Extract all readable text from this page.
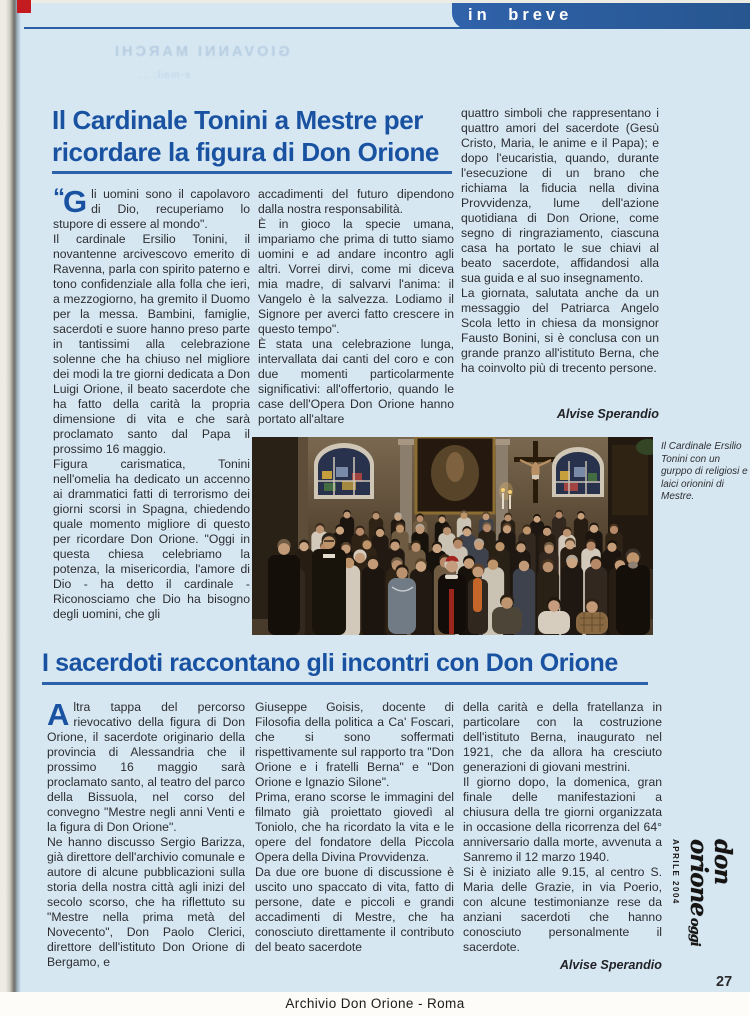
in breve
GIOVANNI MARCHI
e-mail: ...
Il Cardinale Tonini a Mestre per
ricordare la figura di Don Orione

“G li uomini sono il capolavoro di Dio, recuperiamo lo stupore di essere al mondo".

Il cardinale Ersilio Tonini, il novantenne arcivescovo emerito di Ravenna, parla con spirito paterno e tono confidenziale alla folla che ieri, a mezzogiorno, ha gremito il Duomo per la messa. Bambini, famiglie, sacerdoti e suore hanno preso parte in tantissimi alla celebrazione solenne che ha chiuso nel migliore dei modi la tre giorni dedicata a Don Luigi Orione, il beato sacerdote che ha fatto della carità la propria dimensione di vita e che sarà proclamato santo dal Papa il prossimo 16 maggio.

Figura carismatica, Tonini nell'omelia ha dedicato un accenno ai drammatici fatti di terrorismo dei giorni scorsi in Spagna, chiedendo quale momento migliore di questo per ricordare Don Orione. "Oggi in questa chiesa celebriamo la potenza, la misericordia, l'amore di Dio - ha detto il cardinale - Riconosciamo che Dio ha bisogno degli uomini, che gli

accadimenti del futuro dipendono dalla nostra responsabilità.

È in gioco la specie umana, impariamo che prima di tutto siamo uomini e ad andare incontro agli altri. Vorrei dirvi, come mi diceva mia madre, di salvarvi l'anima: il Vangelo è la salvezza. Lodiamo il Signore per averci fatto crescere in questo tempo".

È stata una celebrazione lunga, intervallata dai canti del coro e con due momenti particolarmente significativi: all'offertorio, quando le case dell'Opera Don Orione hanno portato all'altare

quattro simboli che rappresentano i quattro amori del sacerdote (Gesù Cristo, Maria, le anime e il Papa); e dopo l'eucaristia, quando, durante l'esecuzione di un brano che richiama la fiducia nella divina Provvidenza, lume dell'azione quotidiana di Don Orione, come segno di ringraziamento, ciascuna casa ha portato le sue chiavi al beato sacerdote, affidandosi alla sua guida e al suo insegnamento.

La giornata, salutata anche da un messaggio del Patriarca Angelo Scola letto in chiesa da monsignor Fausto Bonini, si è conclusa con un grande pranzo all'istituto Berna, che ha coinvolto più di trecento persone.

Alvise Sperandio
Il Cardinale Ersilio Tonini con un gurppo di religiosi e laici orionini di Mestre.
I sacerdoti raccontano gli incontri con Don Orione

Altra tappa del percorso rievocativo della figura di Don Orione, il sacerdote originario della provincia di Alessandria che il prossimo 16 maggio sarà proclamato santo, al teatro del parco della Bissuola, nel corso del convegno "Mestre negli anni Venti e la figura di Don Orione".

Ne hanno discusso Sergio Barizza, già direttore dell'archivio comunale e autore di alcune pubblicazioni sulla storia della nostra città agli inizi del secolo scorso, che ha riflettuto su "Mestre nella prima metà del Novecento", Don Paolo Clerici, direttore dell'istituto Don Orione di Bergamo, e

Giuseppe Goisis, docente di Filosofia della politica a Ca' Foscari, che si sono soffermati rispettivamente sul rapporto tra "Don Orione e i fratelli Berna" e "Don Orione e Ignazio Silone".

Prima, erano scorse le immagini del filmato già proiettato giovedì al Toniolo, che ha ricordato la vita e le opere del fondatore della Piccola Opera della Divina Provvidenza.

Da due ore buone di discussione è uscito uno spaccato di vita, fatto di persone, date e piccoli e grandi accadimenti di Mestre, che ha conosciuto direttamente il contributo del beato sacerdote

della carità e della fratellanza in particolare con la costruzione dell'istituto Berna, inaugurato nel 1921, che da allora ha cresciuto generazioni di giovani mestrini.

Il giorno dopo, la domenica, gran finale delle manifestazioni a chiusura della tre giorni organizzata in occasione della ricorrenza del 64° anniversario dalla morte, avvenuta a Sanremo il 12 marzo 1940.

Si è iniziato alle 9.15, al centro S. Maria delle Grazie, in via Poerio, con alcune testimonianze rese da anziani sacerdoti che hanno conosciuto personalmente il sacerdote.

Alvise Sperandio
don orioneoggi
APRILE 2004
27
Archivio Don Orione - Roma
